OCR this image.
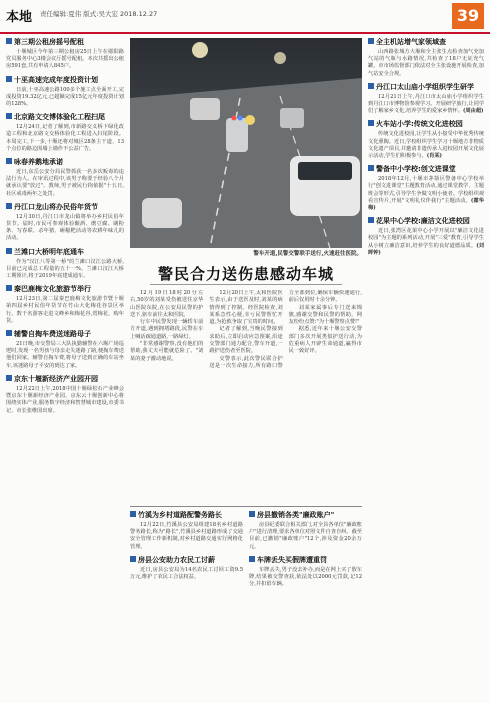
本地 责任编辑:夏伟 版式:吴大宏 2018.12.27	39
第三期公租房摇号配租
十堰城区今年第三期公租房25日上午在郧阳路党员服务中心3楼会议厅摇号配租。本次共摇出公租房591套,共有申请人845户。
十巫高速完成年度投资计划
日前,十巫高速公路100多个施工点全面开工,完成投资19.32亿元,已超额完成15亿元年度投资计划的128%。
北京路文交博体验化工程扫尾
12月24日,记者了解到,市新路交义桥下绿化改造工程和北京路文交桥体验化工程进入扫尾阶段。本周完工,下一步,十堰还将对城区28条主干道、13个点位的路边围墙上墙作不公益广告。
咏春养鹅地承诺
近日,东岳公安分局民警抓获一名多次贩毒的违法行为人。在审讯过程中,该男子称要于经验八个月就承认要"放过"。教师,男子被民行拘依据"十五日,社区戒毒两年之处罚。
丹江口龙山将办民俗年货节
12月30日,丹江口市龙山镇将举办乡村民俗年货节。届时,市民可参观体验酿酒、磨豆腐、刷粉条、写春联、杀年猪、砸糍粑活动等农耕年味儿的活动。
兰滩口大桥明年底通车
作为"汉江八等第一桥"的兰滩口汉江公路大桥,目前已完成总工程量的五十一%。兰滩口汉江大桥工期预计,将于2019年底建成通车。
秦巴鹿梅文化旅游节举行
12月23日,第二届秦巴鹿梅文化旅游节暨十堰第四届乡村民俗年货节在竹山大化梅花谷景区举行。数千名游客走进文峰乡和梅花谷,赏梅花、购年货。
辅警自掏车费送迷路母子
21日晚,市交警局三大队执勤辅警在六堰广场巡逻时,发现一名男孩与母亲走失迷路了路,便掏车费送他们回家。辅警自掏车费,将母子送到正确的车站坐车,该迷路母子平安的到达了家。
京东十堰新经济产业园开园
12月22日上午,2018中国十堰绿松石产业峰会暨京东十堰新经济产业园。京东云十堰创新中心将围绕实体产业,服务数字经济和智慧城市建设,市委书记、市长张维国出席。
警车开道,民警交警联手送行,火速赶往医院。
警民合力送伤患感动车城

12月19日18时20分左右,50岁的刘某受伤被送往京华山医院东院,在公安局民警的护送下,驱车前往太和医院。

行车中民警发现一辆轿车前方开道,遇到拥堵路段,民警在车上喊话疏通道路,一路绿灯。

"非常感谢警察,没有他们的帮助,我丈夫可能就危险了。"刘某的妻子激动地说。

12月20日上午,太和医院医生表示,由于送医及时,刘某的病情得到了控制。经医院检查,刘某系急性心梗,幸亏民警帮忙开道,为抢救争取了宝贵的时间。

记者了解到,当晚民警接到求助后,立即启动应急预案,沿途交警部门通力配合,警车开道,一路护送伤者至医院。

交警表示,此次警民联合护送是一次生命接力,所有路口警力全部到位,确保车辆快速通行,前后仅用时十余分钟。

刘某家属事后专门送来锦旗,感谢交警和民警的帮助。网友纷纷点赞:"为十堰警察点赞!"

据悉,近年来十堰公安交警部门多次开展类似护送行动,为危重病人开辟生命通道,赢得市民一致好评。

竹溪为乡村道路配警务路长
12月22日,竹溪县公安局组建18名乡村道路警务路长,称为"路长",竹溪县乡村道路形成了交通安全管理工作新机制,对乡村道路交通实行网格化管理。
房县公安助力农民工讨薪
近日,房县公安局为14名农民工讨回工资9.5万元,维护了农民工合法权益。
房县撤销各类"廉政账户"
房县纪委联合相关部门,对全县各单位"廉政账户"进行清理,要求各单位对照文件自查自纠。截至目前,已撤销"廉政账户"12个,涉及资金20余万元。
车牌丢失买假牌遭重罚
车牌丢失,男子没去补办,而是在网上买了假车牌,结果被交警查获,依法处以2000元罚款,记12分,并扣留车辆。
全主机站增气家领域查
山西路张城方大堰和全主张生点检查加气充加气站的气瓶与水路情况,共检查了18户无证充气罐。市市场监督部门依法对全主张设施开展检查,加气站安全合规。
丹江口太山庙小学组织学生研学
12月21日上午,丹江口市太山庙小学组织学生到丹江口市博物馆参观学习。开展研学旅行,让同学们了解家乡文化,培养学生的爱家乡情怀。(周由超)
火车站小学:传统文化进校园
传统文化进校园,让学生从小接受中华优秀传统文化熏陶。近日,学校组织学生学习十堰地方非物质文化遗产项目,并邀请非遗传承人进校园开展文化展示活动,学生们积极参与。(肖某)
警备中小学校:创文进课堂
2018年12月,十堰市茅箭区警备中心学校举行"创文进课堂"主题教育活动,通过课堂教学、主题班会等形式,引导学生争做文明小使者。学校组织观看宣传片,开展"文明礼仪伴我行"主题活动。(霍华梅)
花果中心学校:廉洁文化进校园
近日,张湾区花果中心小学开展以"廉洁文化进校园"为主题的系列活动,开展"三爱"教育,引导学生从小树立廉洁意识,培养学生的良好道德品质。(刘晖钟)
